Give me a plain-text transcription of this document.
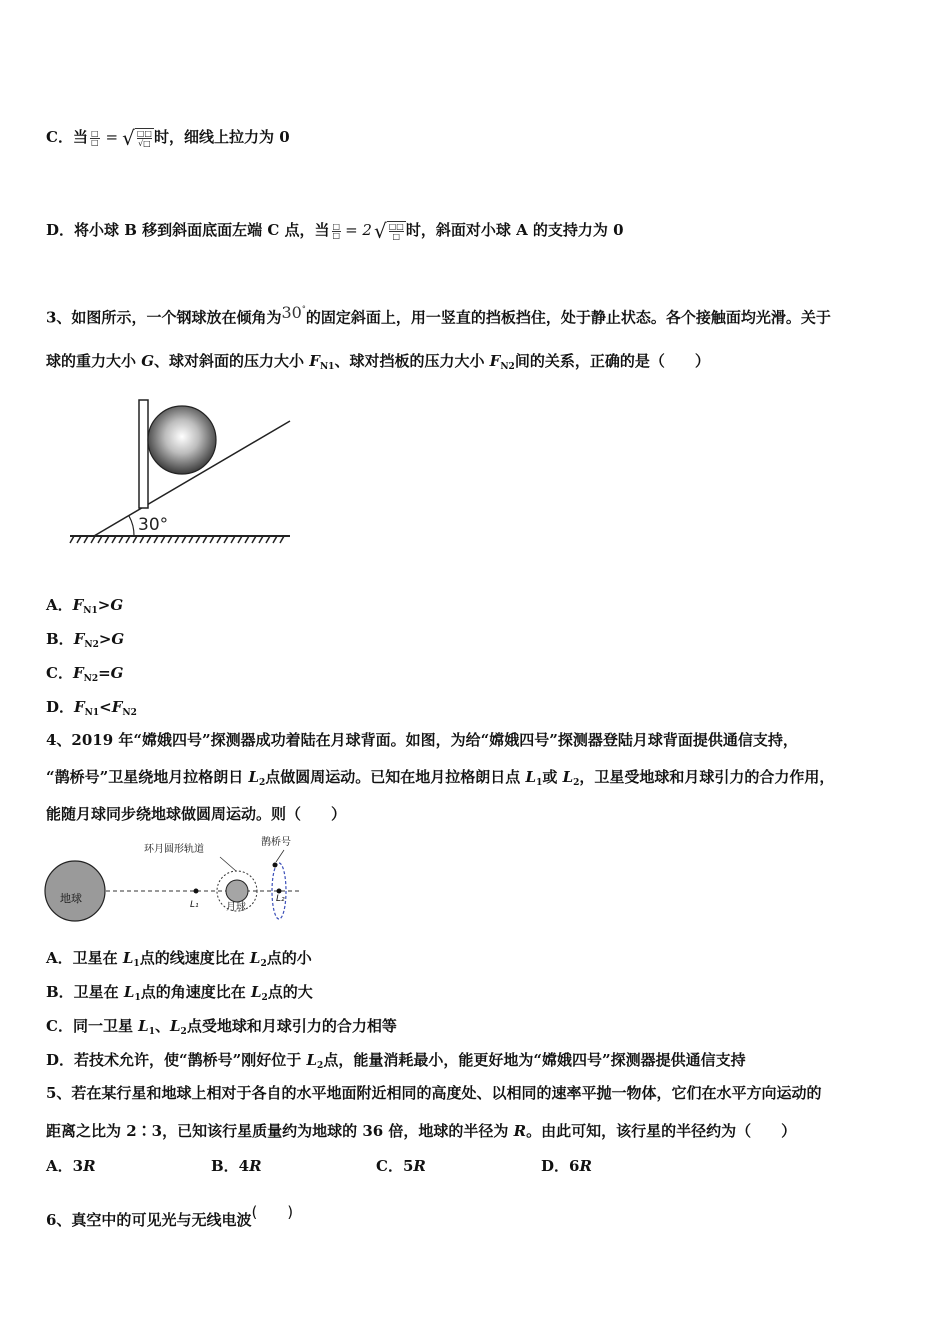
C．当 $\frac{□}{□}$ = √ □□
√□ 时，细线上拉力为 0
D．将小球 B 移到斜面底面左端 C 点，当 $\frac{□}{□} = 2$ √ □□
□ 时，斜面对小球 A 的支持力为 0
3、如图所示，一个钢球放在倾角为30°的固定斜面上，用一竖直的挡板挡住，处于静止状态。各个接触面均光滑。关于
球的重力大小 G、球对斜面的压力大小 $F_{N1}$、球对挡板的压力大小 $F_{N2}$间的关系，正确的是（　　）
30°
A．$F_{N1}>G$
B．$F_{N2}>G$
C．$F_{N2}=G$
D．$F_{N1}<F_{N2}$
4、2019 年“嫦娥四号”探测器成功着陆在月球背面。如图，为给“嫦娥四号”探测器登陆月球背面提供通信支持，
“鹊桥号”卫星绕地月拉格朗日 $L_2$点做圆周运动。已知在地月拉格朗日点 $L_1$或 $L_2$，卫星受地球和月球引力的合力作用，
能随月球同步绕地球做圆周运动。则（　　）
地球	L₁	月球
环月圆形轨道
L₂
鹊桥号
A．卫星在 $L_1$点的线速度比在 $L_2$点的小
B．卫星在 $L_1$点的角速度比在 $L_2$点的大
C．同一卫星 $L_1$、$L_2$点受地球和月球引力的合力相等
D．若技术允许，使“鹊桥号”刚好位于 $L_2$点，能量消耗最小，能更好地为“嫦娥四号”探测器提供通信支持
5、若在某行星和地球上相对于各自的水平地面附近相同的高度处、以相同的速率平抛一物体，它们在水平方向运动的
距离之比为 2∶3，已知该行星质量约为地球的 36 倍，地球的半径为 R。由此可知，该行星的半径约为（　　）
A．3R	B．4R	C．5R	D．6R
6、真空中的可见光与无线电波(　　)
